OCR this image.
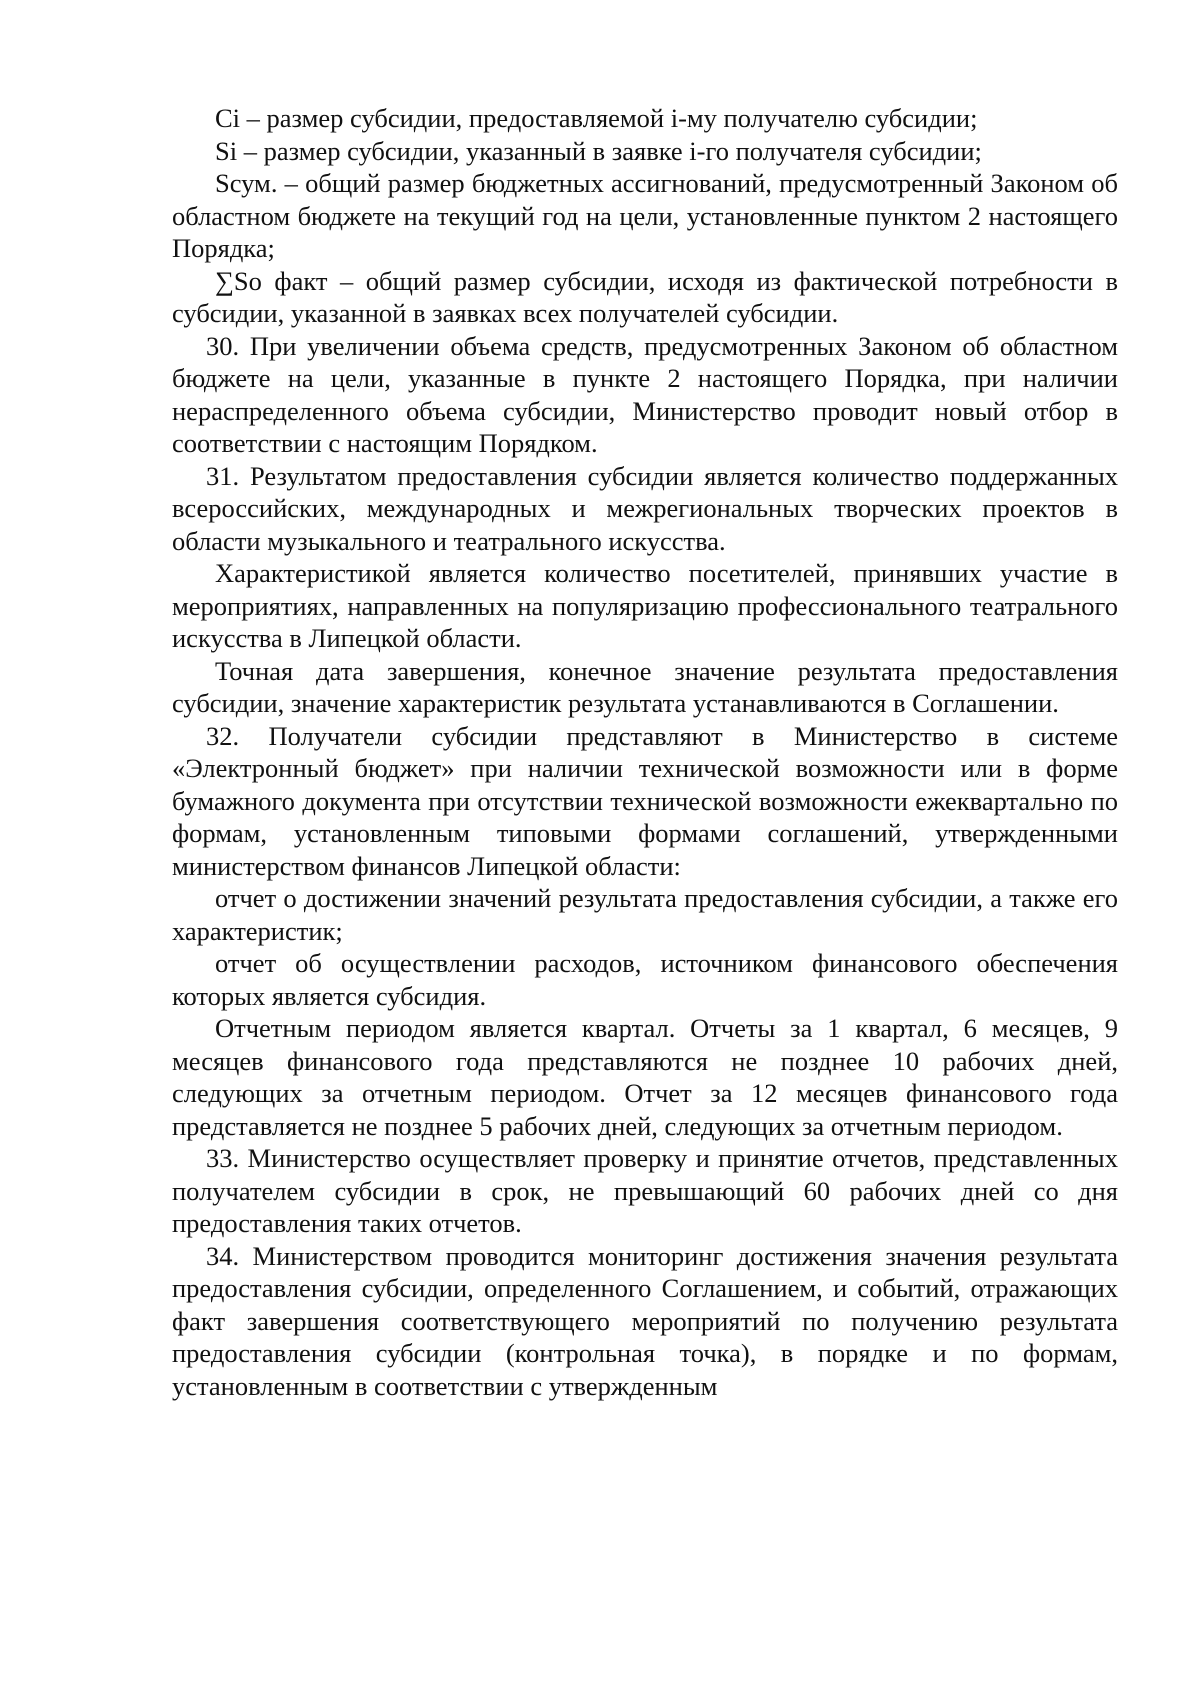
Ci – размер субсидии, предоставляемой i-му получателю субсидии;

Si – размер субсидии, указанный в заявке i-го получателя субсидии;

Sсум. – общий размер бюджетных ассигнований, предусмотренный Законом об областном бюджете на текущий год на цели, установленные пунктом 2 настоящего Порядка;

∑So факт – общий размер субсидии, исходя из фактической потребности в субсидии, указанной в заявках всех получателей субсидии.

30. При увеличении объема средств, предусмотренных Законом об областном бюджете на цели, указанные в пункте 2 настоящего Порядка, при наличии нераспределенного объема субсидии, Министерство проводит новый отбор в соответствии с настоящим Порядком.

31. Результатом предоставления субсидии является количество поддержанных всероссийских, международных и межрегиональных творческих проектов в области музыкального и театрального искусства.

Характеристикой является количество посетителей, принявших участие в мероприятиях, направленных на популяризацию профессионального театрального искусства в Липецкой области.

Точная дата завершения, конечное значение результата предоставления субсидии, значение характеристик результата устанавливаются в Соглашении.

32. Получатели субсидии представляют в Министерство в системе «Электронный бюджет» при наличии технической возможности или в форме бумажного документа при отсутствии технической возможности ежеквартально по формам, установленным типовыми формами соглашений, утвержденными министерством финансов Липецкой области:

отчет о достижении значений результата предоставления субсидии, а также его характеристик;

отчет об осуществлении расходов, источником финансового обеспечения которых является субсидия.

Отчетным периодом является квартал. Отчеты за 1 квартал, 6 месяцев, 9 месяцев финансового года представляются не позднее 10 рабочих дней, следующих за отчетным периодом. Отчет за 12 месяцев финансового года представляется не позднее 5 рабочих дней, следующих за отчетным периодом.

33. Министерство осуществляет проверку и принятие отчетов, представленных получателем субсидии в срок, не превышающий 60 рабочих дней со дня предоставления таких отчетов.

34. Министерством проводится мониторинг достижения значения результата предоставления субсидии, определенного Соглашением, и событий, отражающих факт завершения соответствующего мероприятий по получению результата предоставления субсидии (контрольная точка), в порядке и по формам, установленным в соответствии с утвержденным
